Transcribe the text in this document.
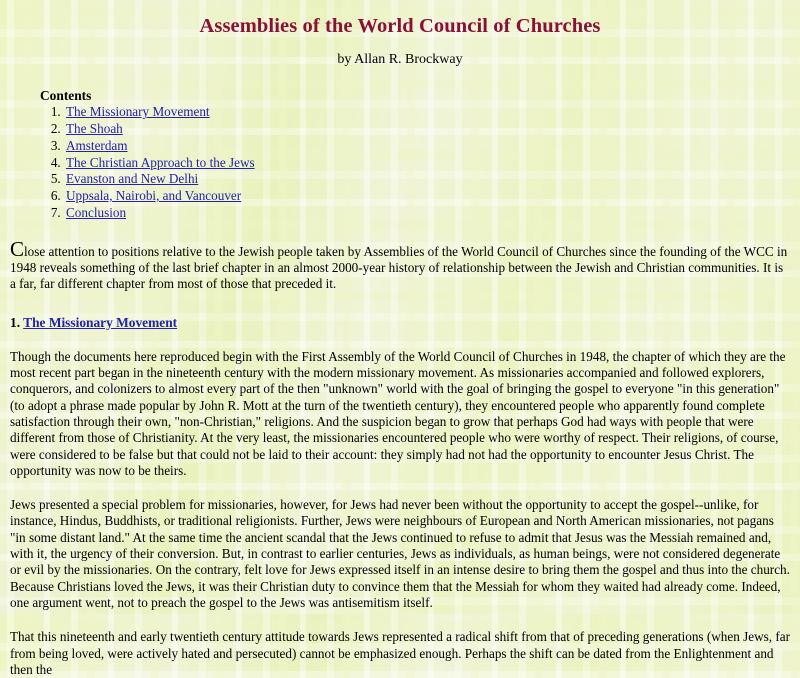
Assemblies of the World Council of Churches

by Allan R. Brockway

Contents

1. The Missionary Movement
2. The Shoah
3. Amsterdam
4. The Christian Approach to the Jews
5. Evanston and New Delhi
6. Uppsala, Nairobi, and Vancouver
7. Conclusion

Close attention to positions relative to the Jewish people taken by Assemblies of the World Council of Churches since the founding of the WCC in 1948 reveals something of the last brief chapter in an almost 2000-year history of relationship between the Jewish and Christian communities. It is a far, far different chapter from most of those that preceded it.

1. The Missionary Movement

Though the documents here reproduced begin with the First Assembly of the World Council of Churches in 1948, the chapter of which they are the most recent part began in the nineteenth century with the modern missionary movement. As missionaries accompanied and followed explorers, conquerors, and colonizers to almost every part of the then "unknown" world with the goal of bringing the gospel to everyone "in this generation" (to adopt a phrase made popular by John R. Mott at the turn of the twentieth century), they encountered people who apparently found complete satisfaction through their own, "non-Christian," religions. And the suspicion began to grow that perhaps God had ways with people that were different from those of Christianity. At the very least, the missionaries encountered people who were worthy of respect. Their religions, of course, were considered to be false but that could not be laid to their account: they simply had not had the opportunity to encounter Jesus Christ. The opportunity was now to be theirs.

Jews presented a special problem for missionaries, however, for Jews had never been without the opportunity to accept the gospel--unlike, for instance, Hindus, Buddhists, or traditional religionists. Further, Jews were neighbours of European and North American missionaries, not pagans "in some distant land." At the same time the ancient scandal that the Jews continued to refuse to admit that Jesus was the Messiah remained and, with it, the urgency of their conversion. But, in contrast to earlier centuries, Jews as individuals, as human beings, were not considered degenerate or evil by the missionaries. On the contrary, felt love for Jews expressed itself in an intense desire to bring them the gospel and thus into the church. Because Christians loved the Jews, it was their Christian duty to convince them that the Messiah for whom they waited had already come. Indeed, one argument went, not to preach the gospel to the Jews was antisemitism itself.

That this nineteenth and early twentieth century attitude towards Jews represented a radical shift from that of preceding generations (when Jews, far from being loved, were actively hated and persecuted) cannot be emphasized enough. Perhaps the shift can be dated from the Enlightenment and then the
